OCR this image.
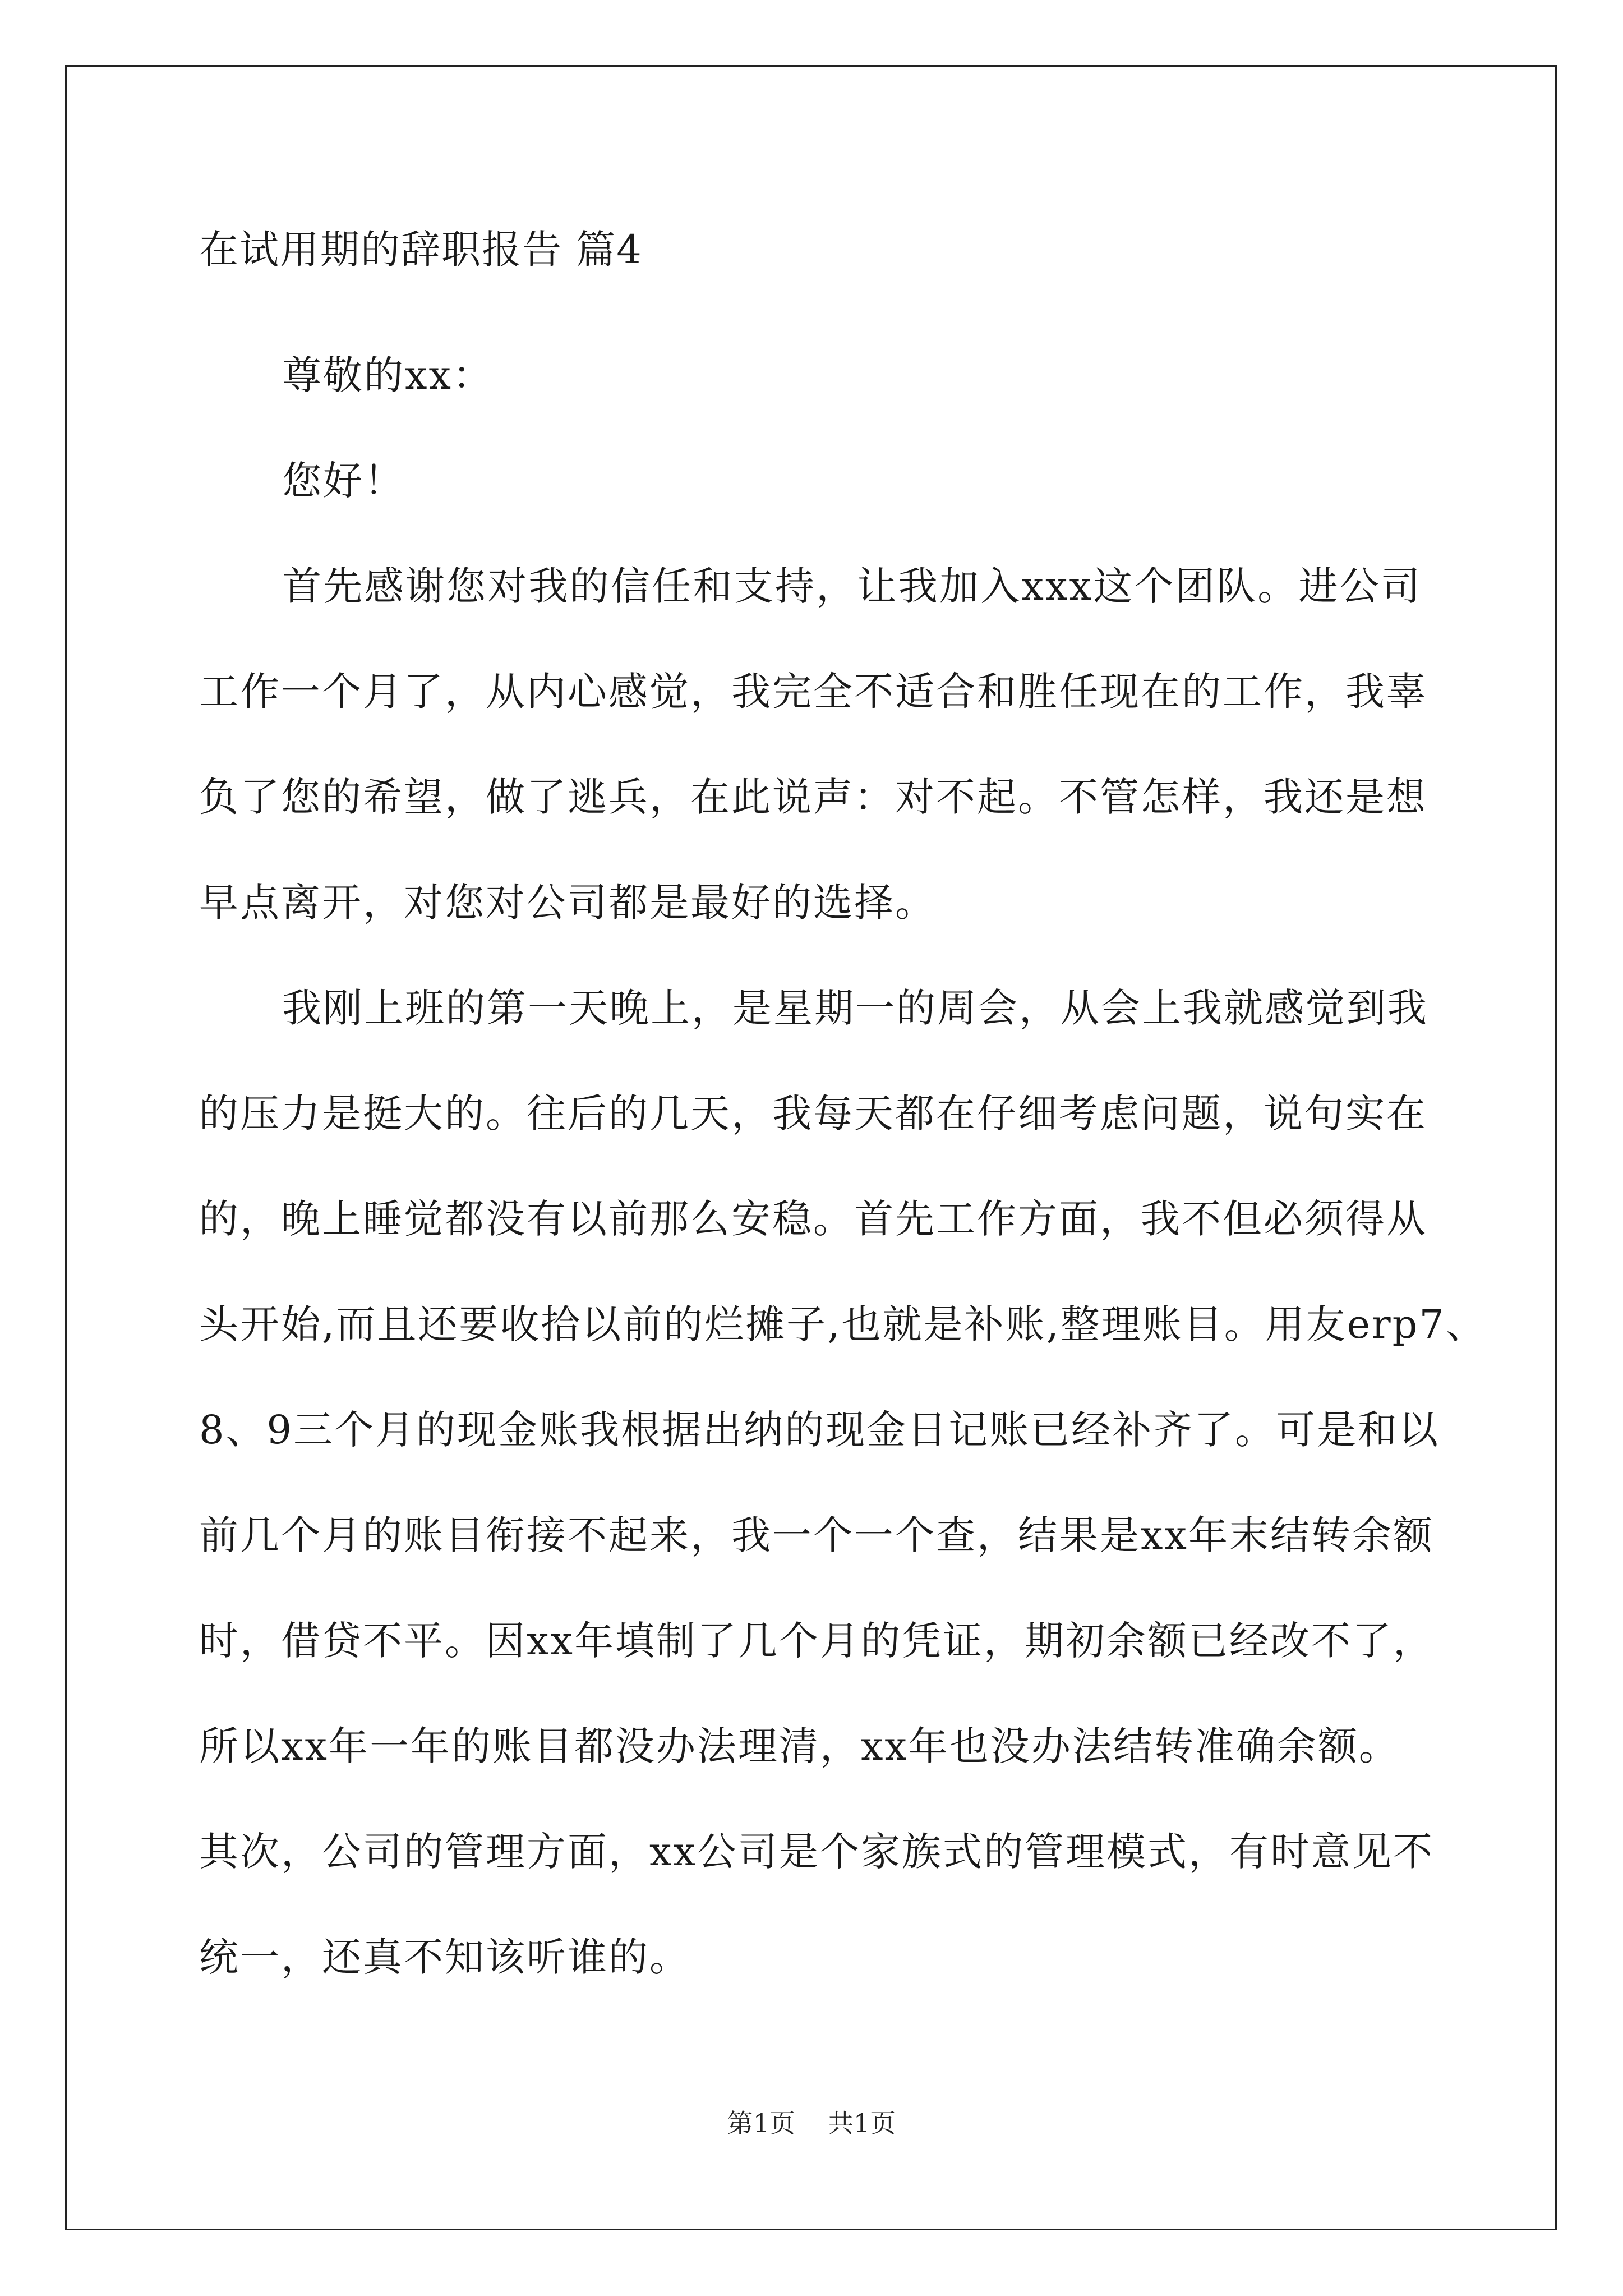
在试用期的辞职报告 篇4
尊敬的xx：
您好！
首先感谢您对我的信任和支持，让我加入xxx这个团队。进公司
工作一个月了，从内心感觉，我完全不适合和胜任现在的工作，我辜
负了您的希望，做了逃兵，在此说声：对不起。不管怎样，我还是想
早点离开，对您对公司都是最好的选择。
我刚上班的第一天晚上，是星期一的周会，从会上我就感觉到我
的压力是挺大的。往后的几天，我每天都在仔细考虑问题，说句实在
的，晚上睡觉都没有以前那么安稳。首先工作方面，我不但必须得从
头开始,而且还要收拾以前的烂摊子,也就是补账,整理账目。用友erp7、
8、9三个月的现金账我根据出纳的现金日记账已经补齐了。可是和以
前几个月的账目衔接不起来，我一个一个查，结果是xx年末结转余额
时，借贷不平。因xx年填制了几个月的凭证，期初余额已经改不了，
所以xx年一年的账目都没办法理清，xx年也没办法结转准确余额。
其次，公司的管理方面，xx公司是个家族式的管理模式，有时意见不
统一，还真不知该听谁的。
第1页 共1页
